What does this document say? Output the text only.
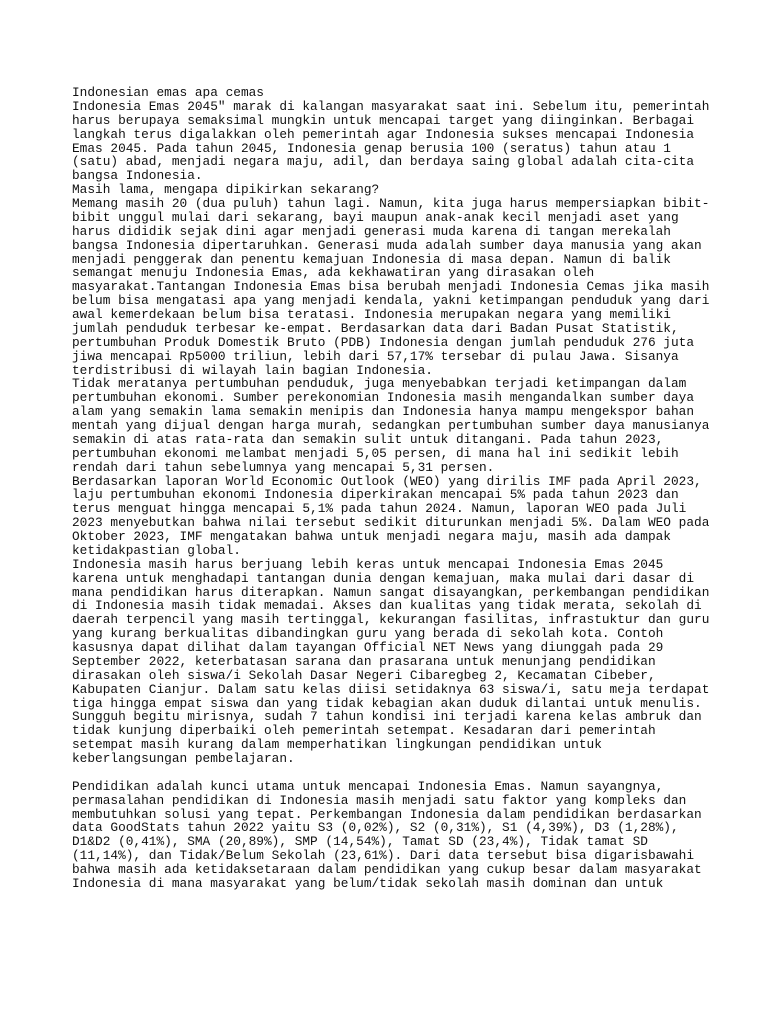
Indonesian emas apa cemas

Indonesia Emas 2045" marak di kalangan masyarakat saat ini. Sebelum itu, pemerintah
harus berupaya semaksimal mungkin untuk mencapai target yang diinginkan. Berbagai
langkah terus digalakkan oleh pemerintah agar Indonesia sukses mencapai Indonesia
Emas 2045. Pada tahun 2045, Indonesia genap berusia 100 (seratus) tahun atau 1
(satu) abad, menjadi negara maju, adil, dan berdaya saing global adalah cita-cita
bangsa Indonesia.

Masih lama, mengapa dipikirkan sekarang?

Memang masih 20 (dua puluh) tahun lagi. Namun, kita juga harus mempersiapkan bibit-
bibit unggul mulai dari sekarang, bayi maupun anak-anak kecil menjadi aset yang
harus dididik sejak dini agar menjadi generasi muda karena di tangan merekalah
bangsa Indonesia dipertaruhkan. Generasi muda adalah sumber daya manusia yang akan
menjadi penggerak dan penentu kemajuan Indonesia di masa depan. Namun di balik
semangat menuju Indonesia Emas, ada kekhawatiran yang dirasakan oleh
masyarakat.Tantangan Indonesia Emas bisa berubah menjadi Indonesia Cemas jika masih
belum bisa mengatasi apa yang menjadi kendala, yakni ketimpangan penduduk yang dari
awal kemerdekaan belum bisa teratasi. Indonesia merupakan negara yang memiliki
jumlah penduduk terbesar ke-empat. Berdasarkan data dari Badan Pusat Statistik,
pertumbuhan Produk Domestik Bruto (PDB) Indonesia dengan jumlah penduduk 276 juta
jiwa mencapai Rp5000 triliun, lebih dari 57,17% tersebar di pulau Jawa. Sisanya
terdistribusi di wilayah lain bagian Indonesia.

Tidak meratanya pertumbuhan penduduk, juga menyebabkan terjadi ketimpangan dalam
pertumbuhan ekonomi. Sumber perekonomian Indonesia masih mengandalkan sumber daya
alam yang semakin lama semakin menipis dan Indonesia hanya mampu mengekspor bahan
mentah yang dijual dengan harga murah, sedangkan pertumbuhan sumber daya manusianya
semakin di atas rata-rata dan semakin sulit untuk ditangani. Pada tahun 2023,
pertumbuhan ekonomi melambat menjadi 5,05 persen, di mana hal ini sedikit lebih
rendah dari tahun sebelumnya yang mencapai 5,31 persen.

Berdasarkan laporan World Economic Outlook (WEO) yang dirilis IMF pada April 2023,
laju pertumbuhan ekonomi Indonesia diperkirakan mencapai 5% pada tahun 2023 dan
terus menguat hingga mencapai 5,1% pada tahun 2024. Namun, laporan WEO pada Juli
2023 menyebutkan bahwa nilai tersebut sedikit diturunkan menjadi 5%. Dalam WEO pada
Oktober 2023, IMF mengatakan bahwa untuk menjadi negara maju, masih ada dampak
ketidakpastian global.

Indonesia masih harus berjuang lebih keras untuk mencapai Indonesia Emas 2045
karena untuk menghadapi tantangan dunia dengan kemajuan, maka mulai dari dasar di
mana pendidikan harus diterapkan. Namun sangat disayangkan, perkembangan pendidikan
di Indonesia masih tidak memadai. Akses dan kualitas yang tidak merata, sekolah di
daerah terpencil yang masih tertinggal, kekurangan fasilitas, infrastuktur dan guru
yang kurang berkualitas dibandingkan guru yang berada di sekolah kota. Contoh
kasusnya dapat dilihat dalam tayangan Official NET News yang diunggah pada 29
September 2022, keterbatasan sarana dan prasarana untuk menunjang pendidikan
dirasakan oleh siswa/i Sekolah Dasar Negeri Cibaregbeg 2, Kecamatan Cibeber,
Kabupaten Cianjur. Dalam satu kelas diisi setidaknya 63 siswa/i, satu meja terdapat
tiga hingga empat siswa dan yang tidak kebagian akan duduk dilantai untuk menulis.
Sungguh begitu mirisnya, sudah 7 tahun kondisi ini terjadi karena kelas ambruk dan
tidak kunjung diperbaiki oleh pemerintah setempat. Kesadaran dari pemerintah
setempat masih kurang dalam memperhatikan lingkungan pendidikan untuk
keberlangsungan pembelajaran.

Pendidikan adalah kunci utama untuk mencapai Indonesia Emas. Namun sayangnya,
permasalahan pendidikan di Indonesia masih menjadi satu faktor yang kompleks dan
membutuhkan solusi yang tepat. Perkembangan Indonesia dalam pendidikan berdasarkan
data GoodStats tahun 2022 yaitu S3 (0,02%), S2 (0,31%), S1 (4,39%), D3 (1,28%),
D1&D2 (0,41%), SMA (20,89%), SMP (14,54%), Tamat SD (23,4%), Tidak tamat SD
(11,14%), dan Tidak/Belum Sekolah (23,61%). Dari data tersebut bisa digarisbawahi
bahwa masih ada ketidaksetaraan dalam pendidikan yang cukup besar dalam masyarakat
Indonesia di mana masyarakat yang belum/tidak sekolah masih dominan dan untuk
